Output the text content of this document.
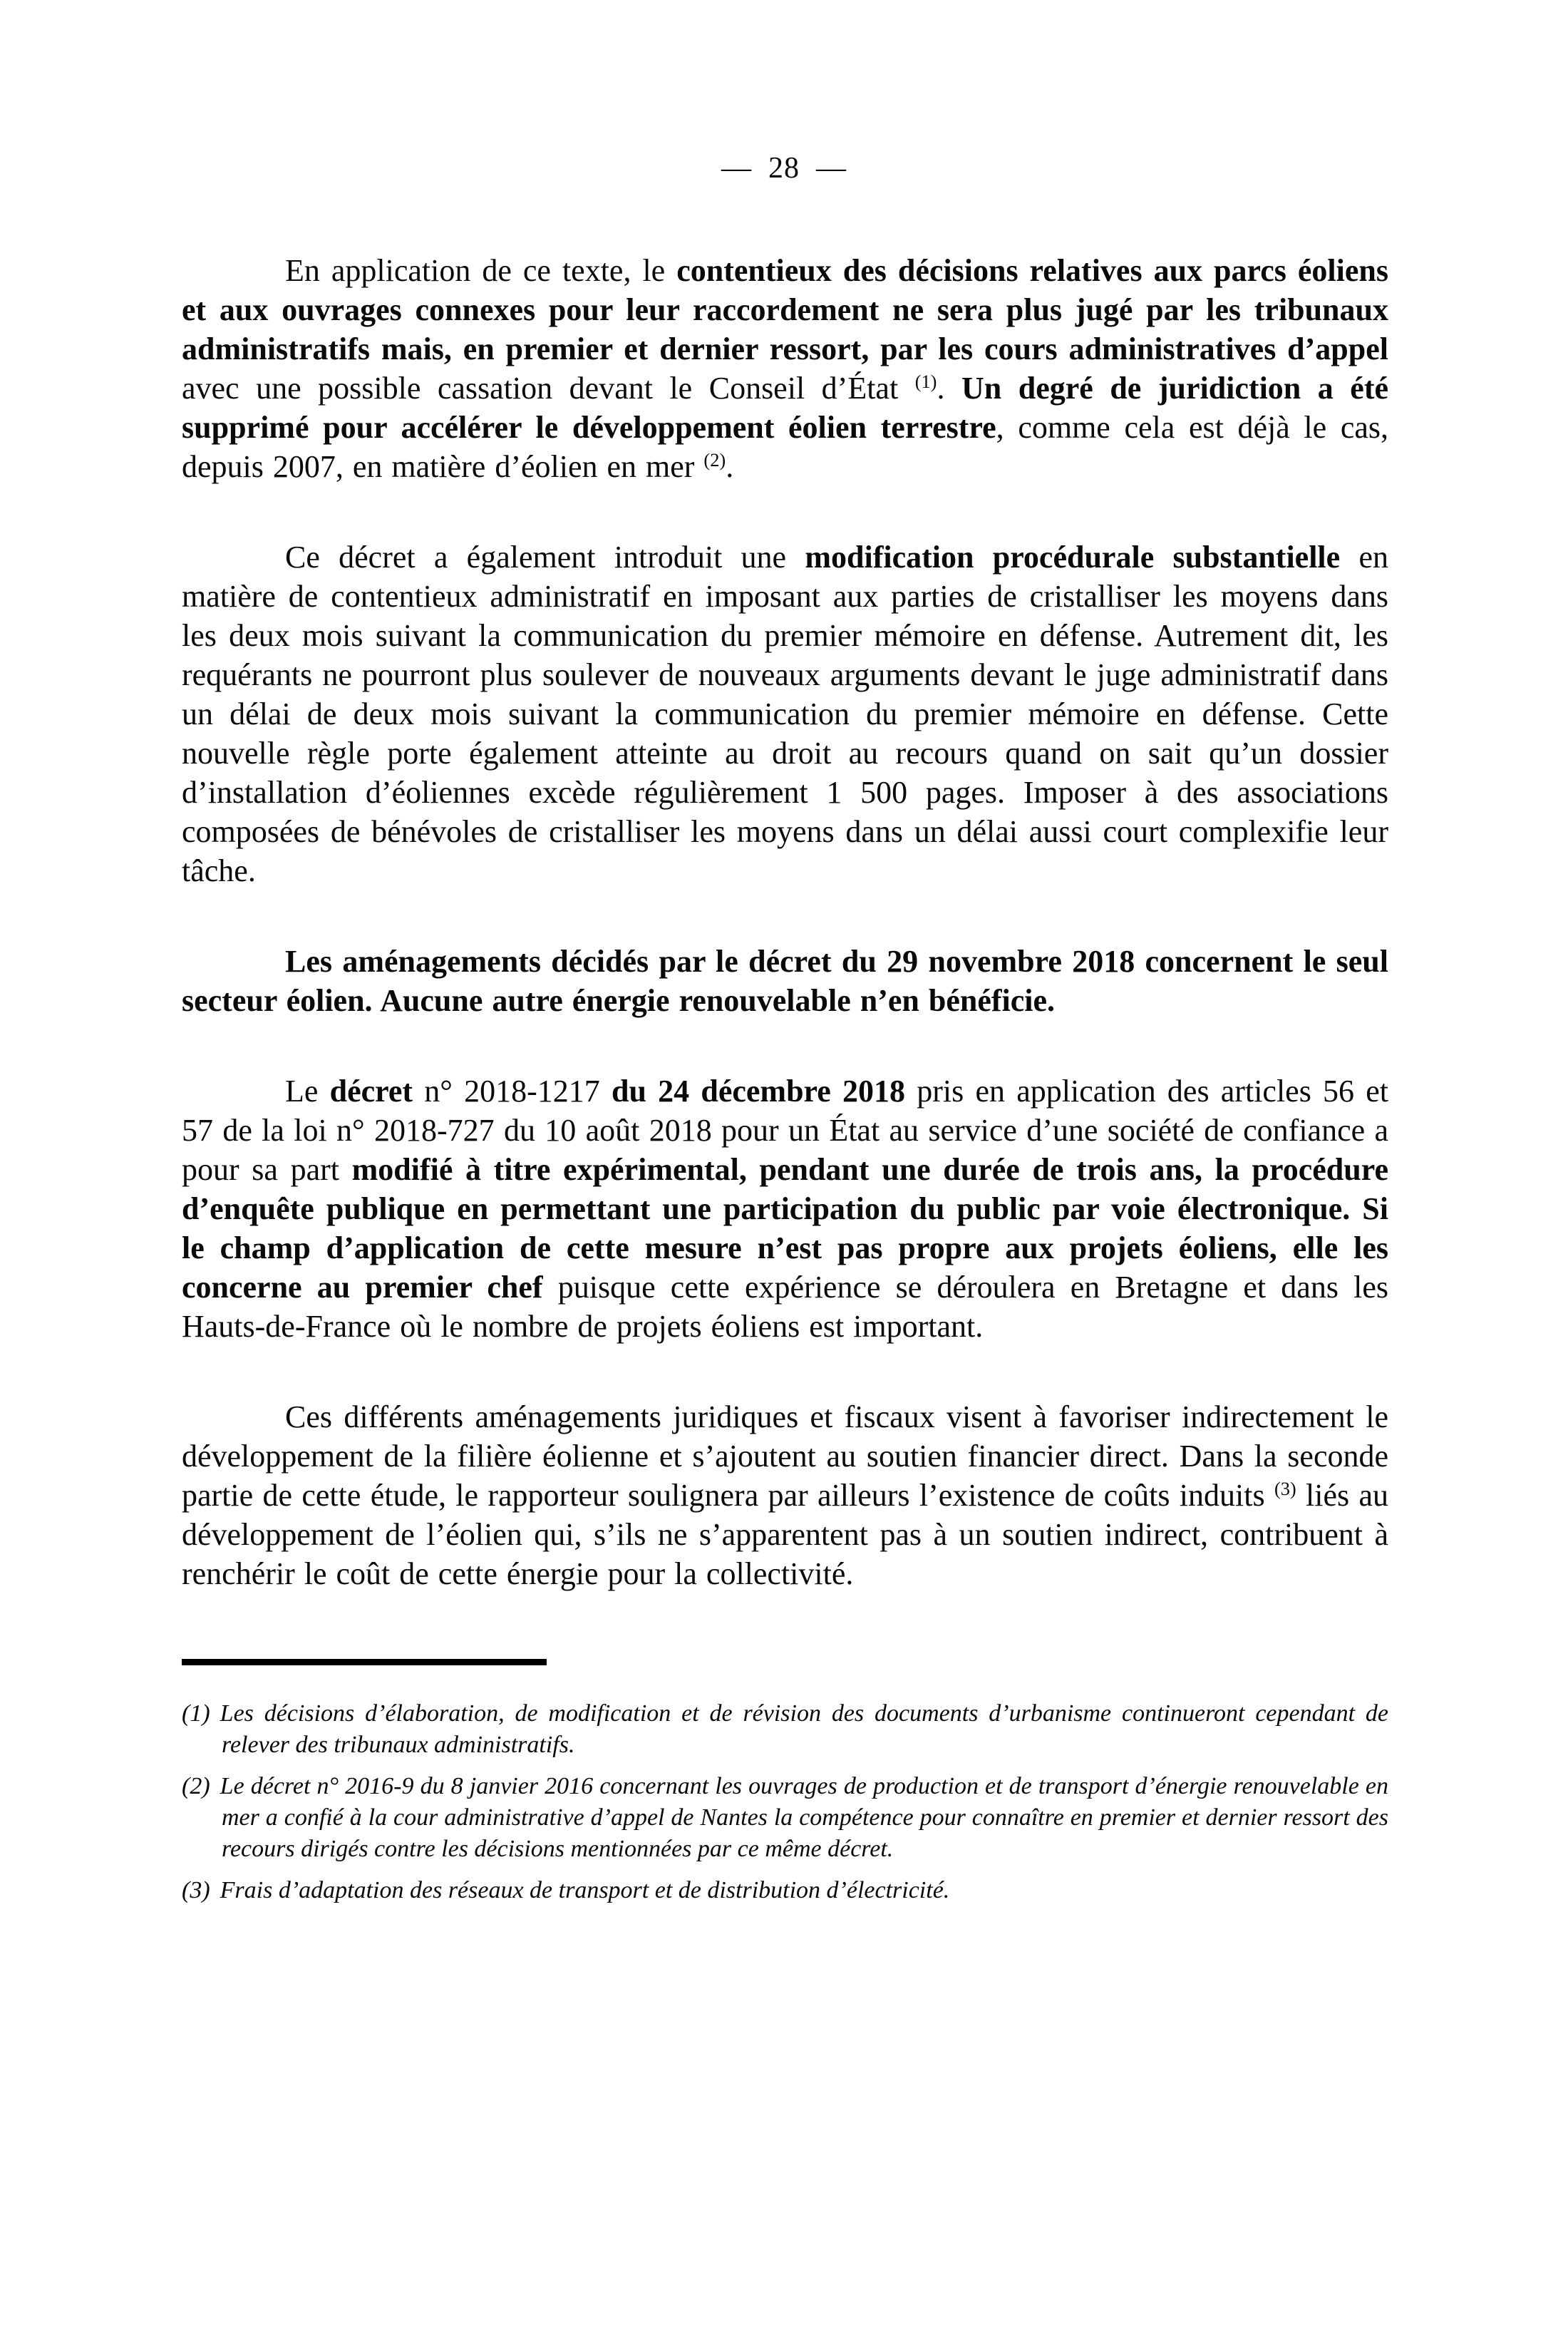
—  28  —

En application de ce texte, le contentieux des décisions relatives aux parcs éoliens et aux ouvrages connexes pour leur raccordement ne sera plus jugé par les tribunaux administratifs mais, en premier et dernier ressort, par les cours administratives d’appel avec une possible cassation devant le Conseil d’État $^{(1)}$. Un degré de juridiction a été supprimé pour accélérer le développement éolien terrestre, comme cela est déjà le cas, depuis 2007, en matière d’éolien en mer $^{(2)}$.

Ce décret a également introduit une modification procédurale substantielle en matière de contentieux administratif en imposant aux parties de cristalliser les moyens dans les deux mois suivant la communication du premier mémoire en défense. Autrement dit, les requérants ne pourront plus soulever de nouveaux arguments devant le juge administratif dans un délai de deux mois suivant la communication du premier mémoire en défense. Cette nouvelle règle porte également atteinte au droit au recours quand on sait qu’un dossier d’installation d’éoliennes excède régulièrement 1 500 pages. Imposer à des associations composées de bénévoles de cristalliser les moyens dans un délai aussi court complexifie leur tâche.

Les aménagements décidés par le décret du 29 novembre 2018 concernent le seul secteur éolien. Aucune autre énergie renouvelable n’en bénéficie.

Le décret n° 2018-1217 du 24 décembre 2018 pris en application des articles 56 et 57 de la loi n° 2018-727 du 10 août 2018 pour un État au service d’une société de confiance a pour sa part modifié à titre expérimental, pendant une durée de trois ans, la procédure d’enquête publique en permettant une participation du public par voie électronique. Si le champ d’application de cette mesure n’est pas propre aux projets éoliens, elle les concerne au premier chef puisque cette expérience se déroulera en Bretagne et dans les Hauts-de-France où le nombre de projets éoliens est important.

Ces différents aménagements juridiques et fiscaux visent à favoriser indirectement le développement de la filière éolienne et s’ajoutent au soutien financier direct. Dans la seconde partie de cette étude, le rapporteur soulignera par ailleurs l’existence de coûts induits $^{(3)}$ liés au développement de l’éolien qui, s’ils ne s’apparentent pas à un soutien indirect, contribuent à renchérir le coût de cette énergie pour la collectivité.

(1) Les décisions d’élaboration, de modification et de révision des documents d’urbanisme continueront cependant de relever des tribunaux administratifs.

(2) Le décret n° 2016-9 du 8 janvier 2016 concernant les ouvrages de production et de transport d’énergie renouvelable en mer a confié à la cour administrative d’appel de Nantes la compétence pour connaître en premier et dernier ressort des recours dirigés contre les décisions mentionnées par ce même décret.

(3) Frais d’adaptation des réseaux de transport et de distribution d’électricité.
